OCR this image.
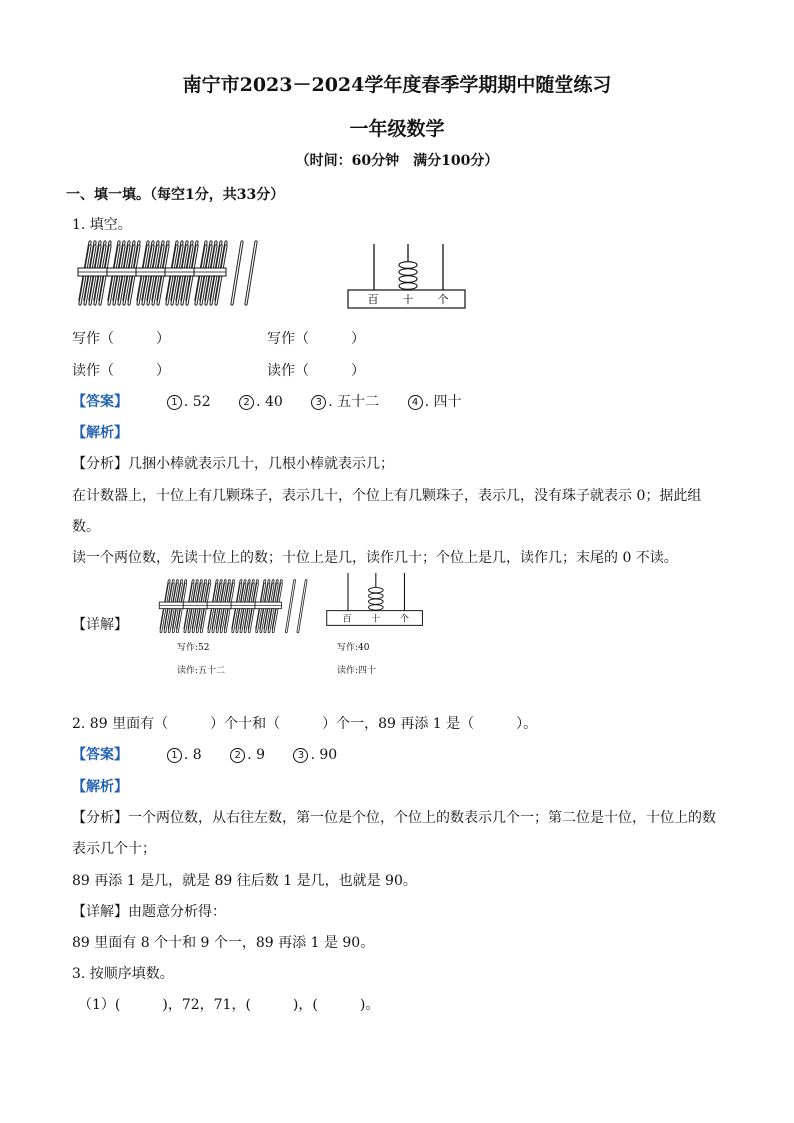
南宁市2023－2024学年度春季学期期中随堂练习
一年级数学
（时间：60分钟　满分100分）
一、填一填。（每空1分，共33分）
1. 填空。
百 十 个
写作（　　　）	写作（　　　）
读作（　　　）	读作（　　　）
【答案】	1 . 52	2 . 40	3 . 五十二	4 . 四十
【解析】
【分析】几捆小棒就表示几十，几根小棒就表示几；
在计数器上，十位上有几颗珠子，表示几十，个位上有几颗珠子，表示几，没有珠子就表示 0；据此组
数。
读一个两位数，先读十位上的数；十位上是几，读作几十；个位上是几，读作几；末尾的 0 不读。
【详解】	百 十 个
写作:52	写作:40
读作:五十二	读作:四十
2. 89 里面有（　　　）个十和（　　　）个一，89 再添 1 是（　　　）。
【答案】	1 . 8	2 . 9	3 . 90
【解析】
【分析】一个两位数，从右往左数，第一位是个位，个位上的数表示几个一；第二位是十位，十位上的数
表示几个十；
89 再添 1 是几，就是 89 往后数 1 是几，也就是 90。
【详解】由题意分析得：
89 里面有 8 个十和 9 个一，89 再添 1 是 90。
3. 按顺序填数。
（1）(　　　)，72，71，(　　　)，(　　　)。
